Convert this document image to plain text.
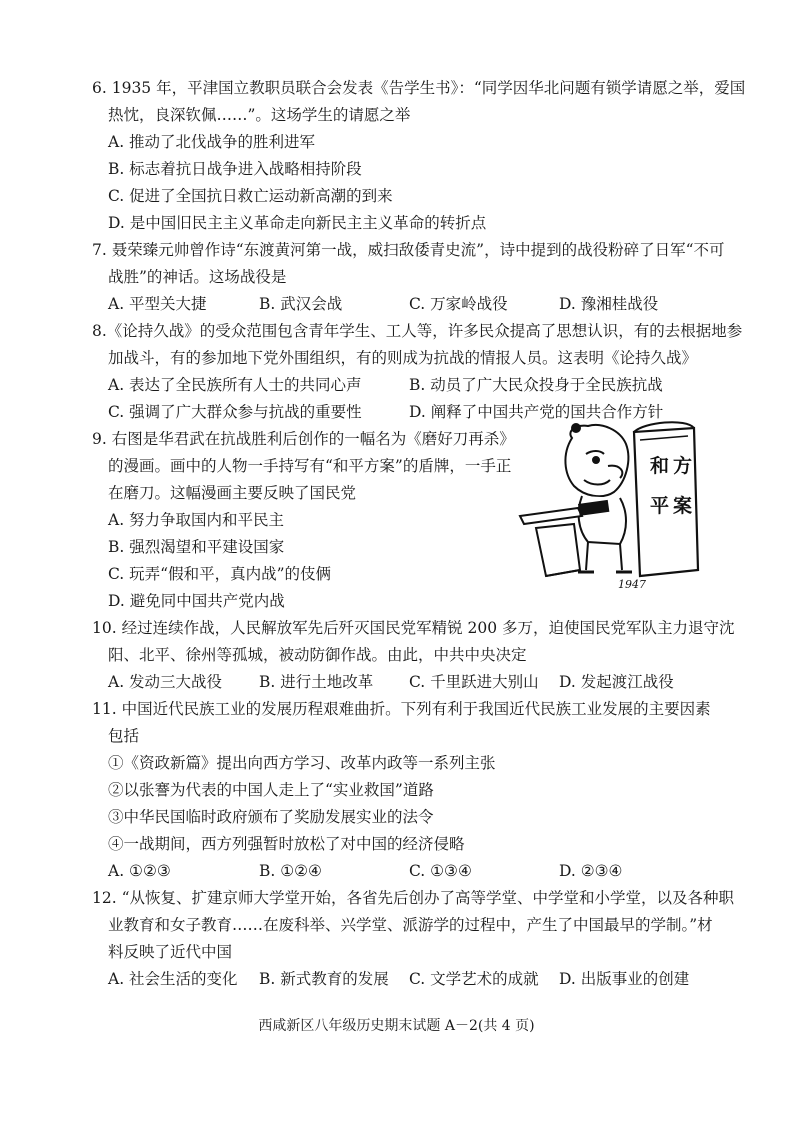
6. 1935 年，平津国立教职员联合会发表《告学生书》：“同学因华北问题有锁学请愿之举，爱国
热忱，良深钦佩……”。这场学生的请愿之举
A. 推动了北伐战争的胜利进军
B. 标志着抗日战争进入战略相持阶段
C. 促进了全国抗日救亡运动新高潮的到来
D. 是中国旧民主主义革命走向新民主主义革命的转折点
7. 聂荣臻元帅曾作诗“东渡黄河第一战，威扫敌倭青史流”，诗中提到的战役粉碎了日军“不可
战胜”的神话。这场战役是
A. 平型关大捷	B. 武汉会战	C. 万家岭战役	D. 豫湘桂战役
8.《论持久战》的受众范围包含青年学生、工人等，许多民众提高了思想认识，有的去根据地参
加战斗，有的参加地下党外围组织，有的则成为抗战的情报人员。这表明《论持久战》
A. 表达了全民族所有人士的共同心声	B. 动员了广大民众投身于全民族抗战
C. 强调了广大群众参与抗战的重要性	D. 阐释了中国共产党的国共合作方针
9. 右图是华君武在抗战胜利后创作的一幅名为《磨好刀再杀》
的漫画。画中的人物一手持写有“和平方案”的盾牌，一手正
在磨刀。这幅漫画主要反映了国民党
A. 努力争取国内和平民主
B. 强烈渴望和平建设国家
C. 玩弄“假和平，真内战”的伎俩
D. 避免同中国共产党内战
和 方
平 案
1947
10. 经过连续作战，人民解放军先后歼灭国民党军精锐 200 多万，迫使国民党军队主力退守沈
阳、北平、徐州等孤城，被动防御作战。由此，中共中央决定
A. 发动三大战役 B. 进行土地改革 C. 千里跃进大别山 D. 发起渡江战役
11. 中国近代民族工业的发展历程艰难曲折。下列有利于我国近代民族工业发展的主要因素
包括
①《资政新篇》提出向西方学习、改革内政等一系列主张
②以张謇为代表的中国人走上了“实业救国”道路
③中华民国临时政府颁布了奖励发展实业的法令
④一战期间，西方列强暂时放松了对中国的经济侵略
A. ①②③	B. ①②④	C. ①③④	D. ②③④
12. “从恢复、扩建京师大学堂开始，各省先后创办了高等学堂、中学堂和小学堂，以及各种职
业教育和女子教育……在废科举、兴学堂、派游学的过程中，产生了中国最早的学制。”材
料反映了近代中国
A. 社会生活的变化 B. 新式教育的发展 C. 文学艺术的成就 D. 出版事业的创建
西咸新区八年级历史期末试题 A－2(共 4 页)
